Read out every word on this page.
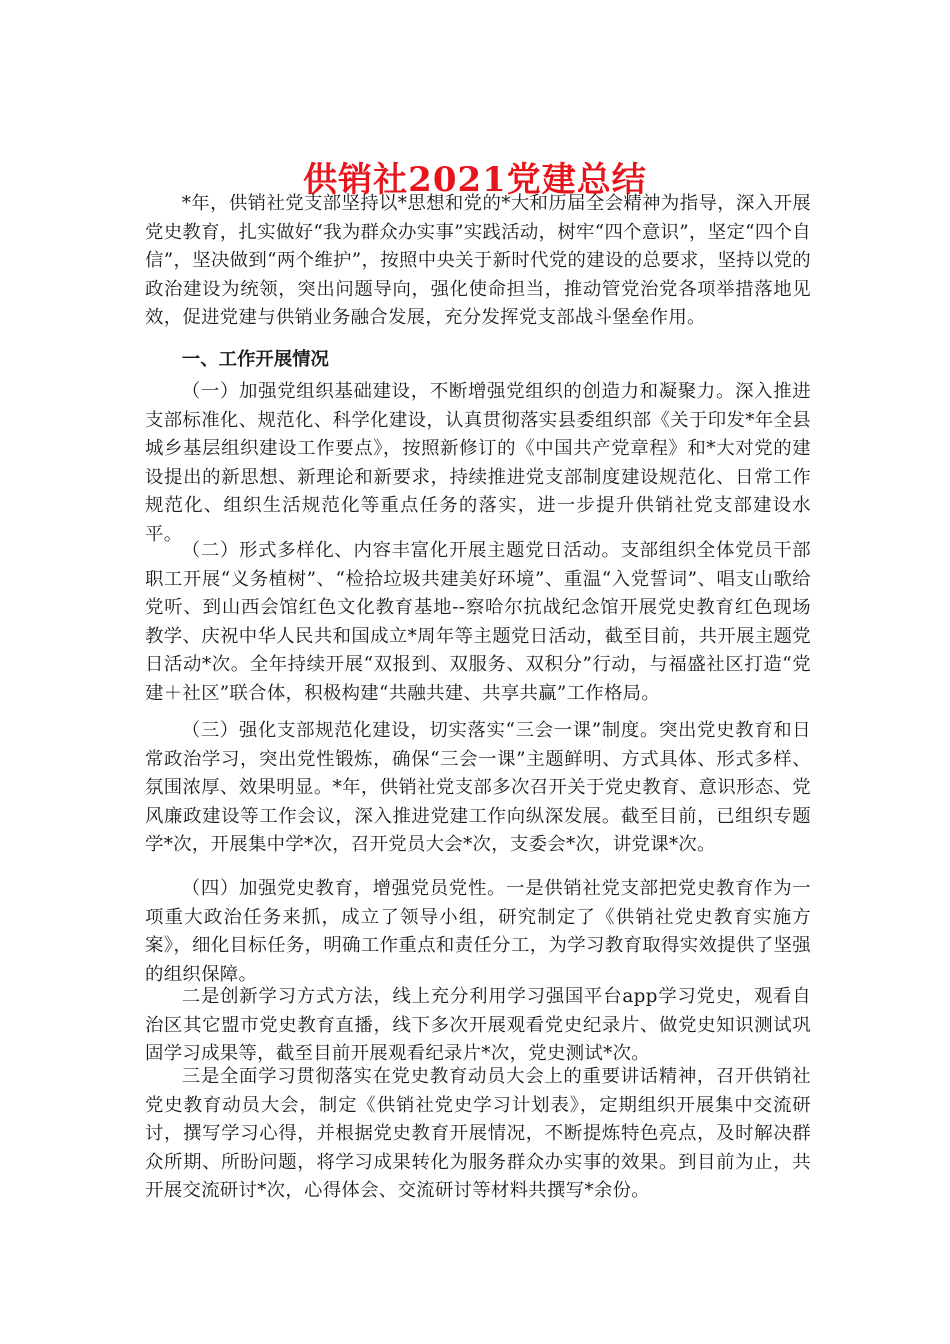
供销社2021党建总结

*年，供销社党支部坚持以*思想和党的*大和历届全会精神为指导，深入开展党史教育，扎实做好“我为群众办实事”实践活动，树牢“四个意识”，坚定“四个自信”，坚决做到“两个维护”，按照中央关于新时代党的建设的总要求，坚持以党的政治建设为统领，突出问题导向，强化使命担当，推动管党治党各项举措落地见效，促进党建与供销业务融合发展，充分发挥党支部战斗堡垒作用。

一、工作开展情况

（一）加强党组织基础建设，不断增强党组织的创造力和凝聚力。深入推进支部标准化、规范化、科学化建设，认真贯彻落实县委组织部《关于印发*年全县城乡基层组织建设工作要点》，按照新修订的《中国共产党章程》和*大对党的建设提出的新思想、新理论和新要求，持续推进党支部制度建设规范化、日常工作规范化、组织生活规范化等重点任务的落实，进一步提升供销社党支部建设水平。

（二）形式多样化、内容丰富化开展主题党日活动。支部组织全体党员干部职工开展“义务植树”、“检拾垃圾共建美好环境”、重温“入党誓词”、唱支山歌给党听、到山西会馆红色文化教育基地--察哈尔抗战纪念馆开展党史教育红色现场教学、庆祝中华人民共和国成立*周年等主题党日活动，截至目前，共开展主题党日活动*次。全年持续开展“双报到、双服务、双积分”行动，与福盛社区打造“党建＋社区”联合体，积极构建“共融共建、共享共赢”工作格局。

（三）强化支部规范化建设，切实落实“三会一课”制度。突出党史教育和日常政治学习，突出党性锻炼，确保“三会一课”主题鲜明、方式具体、形式多样、氛围浓厚、效果明显。*年，供销社党支部多次召开关于党史教育、意识形态、党风廉政建设等工作会议，深入推进党建工作向纵深发展。截至目前，已组织专题学*次，开展集中学*次，召开党员大会*次，支委会*次，讲党课*次。

（四）加强党史教育，增强党员党性。一是供销社党支部把党史教育作为一项重大政治任务来抓，成立了领导小组，研究制定了《供销社党史教育实施方案》，细化目标任务，明确工作重点和责任分工，为学习教育取得实效提供了坚强的组织保障。

二是创新学习方式方法，线上充分利用学习强国平台app学习党史，观看自治区其它盟市党史教育直播，线下多次开展观看党史纪录片、做党史知识测试巩固学习成果等，截至目前开展观看纪录片*次，党史测试*次。

三是全面学习贯彻落实在党史教育动员大会上的重要讲话精神，召开供销社党史教育动员大会，制定《供销社党史学习计划表》，定期组织开展集中交流研讨，撰写学习心得，并根据党史教育开展情况，不断提炼特色亮点，及时解决群众所期、所盼问题，将学习成果转化为服务群众办实事的效果。到目前为止，共开展交流研讨*次，心得体会、交流研讨等材料共撰写*余份。
